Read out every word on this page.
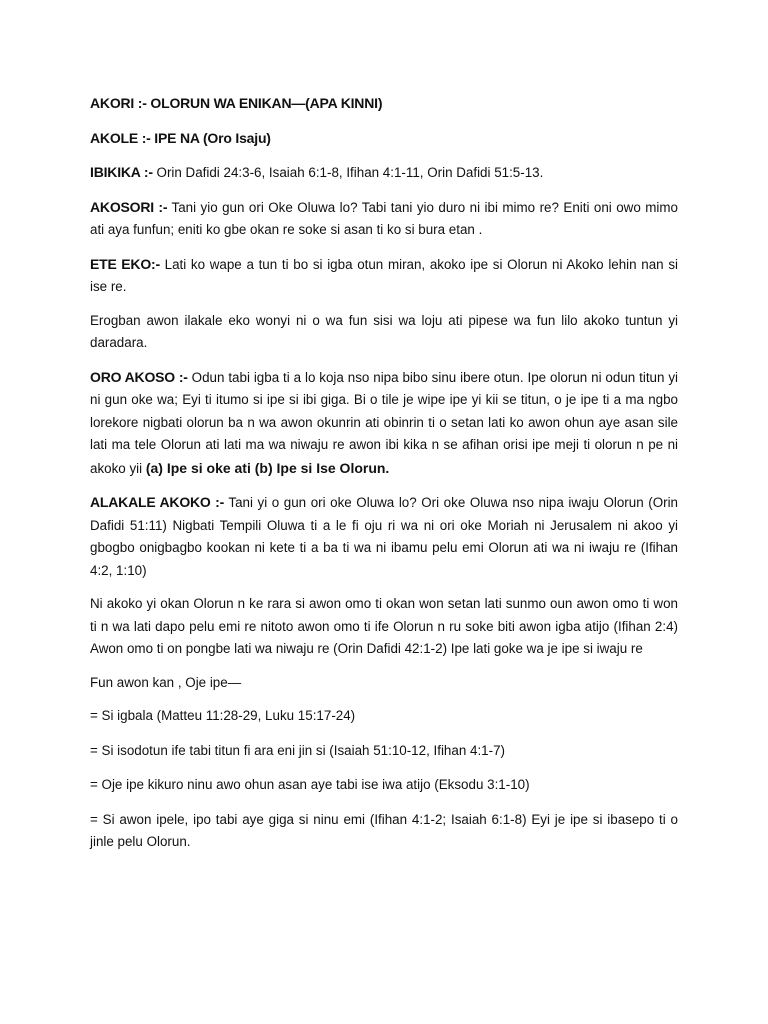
AKORI :- OLORUN WA ENIKAN—(APA KINNI)

AKOLE :- IPE NA (Oro Isaju)

IBIKIKA :- Orin Dafidi 24:3-6, Isaiah 6:1-8, Ifihan 4:1-11, Orin Dafidi 51:5-13.

AKOSORI :- Tani yio gun ori Oke Oluwa lo? Tabi tani yio duro ni ibi mimo re? Eniti oni owo mimo ati aya funfun; eniti ko gbe okan re soke si asan ti ko si bura etan .

ETE EKO:- Lati ko wape a tun ti bo si igba otun miran, akoko ipe si Olorun ni Akoko lehin nan si ise re.

Erogban awon ilakale eko wonyi ni o wa fun sisi wa loju ati pipese wa fun lilo akoko tuntun yi daradara.

ORO AKOSO :- Odun tabi igba ti a lo koja nso nipa bibo sinu ibere otun. Ipe olorun ni odun titun yi ni gun oke wa; Eyi ti itumo si ipe si ibi giga. Bi o tile je wipe ipe yi kii se titun, o je ipe ti a ma ngbo lorekore nigbati olorun ba n wa awon okunrin ati obinrin ti o setan lati ko awon ohun aye asan sile lati ma tele Olorun ati lati ma wa niwaju re awon ibi kika n se afihan orisi ipe meji ti olorun n pe ni akoko yii (a) Ipe si oke ati (b) Ipe si Ise Olorun.

ALAKALE AKOKO :- Tani yi o gun ori oke Oluwa lo? Ori oke Oluwa nso nipa iwaju Olorun (Orin Dafidi 51:11) Nigbati Tempili Oluwa ti a le fi oju ri wa ni ori oke Moriah ni Jerusalem ni akoo yi gbogbo onigbagbo kookan ni kete ti a ba ti wa ni ibamu pelu emi Olorun ati wa ni iwaju re (Ifihan 4:2, 1:10)

Ni akoko yi okan Olorun n ke rara si awon omo ti okan won setan lati sunmo oun awon omo ti won ti n wa lati dapo pelu emi re nitoto awon omo ti ife Olorun n ru soke biti awon igba atijo (Ifihan 2:4) Awon omo ti on pongbe lati wa niwaju re (Orin Dafidi 42:1-2) Ipe lati goke wa je ipe si iwaju re

Fun awon kan , Oje ipe—

= Si igbala (Matteu 11:28-29, Luku 15:17-24)

= Si isodotun ife tabi titun fi ara eni jin si (Isaiah 51:10-12, Ifihan 4:1-7)

= Oje ipe kikuro ninu awo ohun asan aye tabi ise iwa atijo (Eksodu 3:1-10)

= Si awon ipele, ipo tabi aye giga si ninu emi (Ifihan 4:1-2; Isaiah 6:1-8) Eyi je ipe si ibasepo ti o jinle pelu Olorun.
